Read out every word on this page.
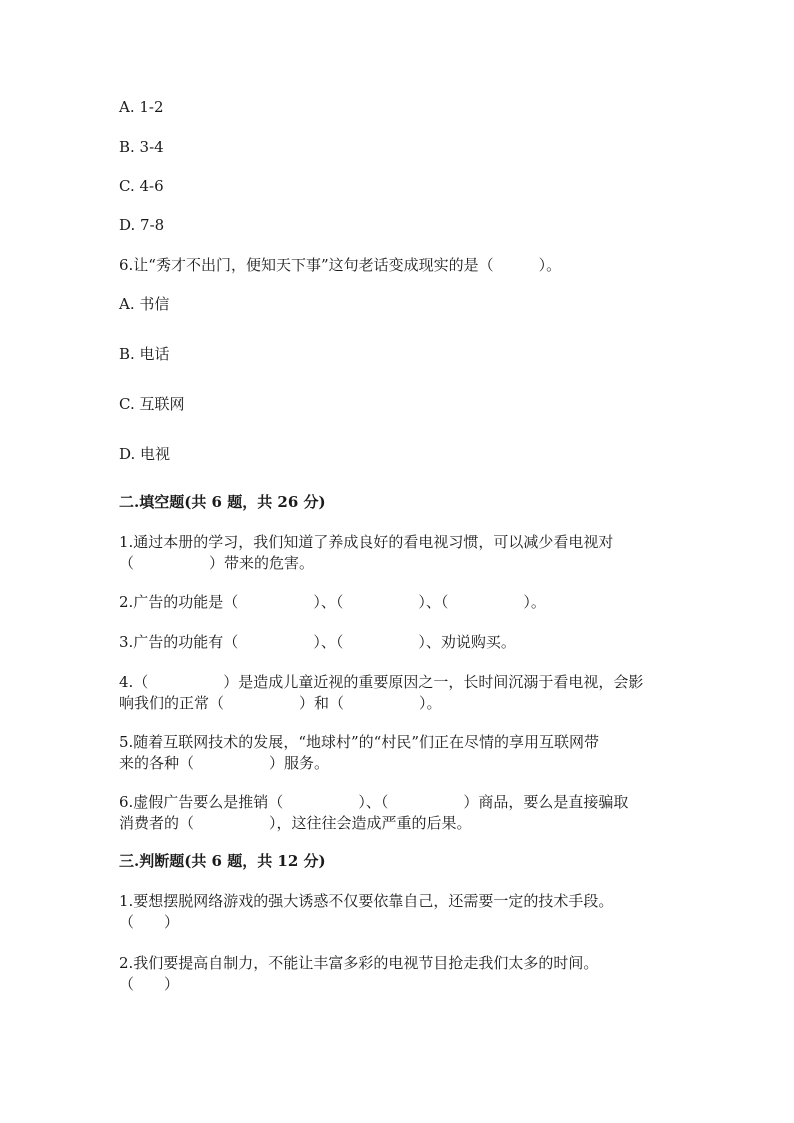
A. 1-2
B. 3-4
C. 4-6
D. 7-8
6.让“秀才不出门，便知天下事”这句老话变成现实的是（　　　）。
A. 书信
B. 电话
C. 互联网
D. 电视
二.填空题(共 6 题，共 26 分)
1.通过本册的学习，我们知道了养成良好的看电视习惯，可以减少看电视对
（　　　　　）带来的危害。
2.广告的功能是（　　　　　）、（　　　　　）、（　　　　　）。
3.广告的功能有（　　　　　）、（　　　　　）、劝说购买。
4.（　　　　　）是造成儿童近视的重要原因之一，长时间沉溺于看电视，会影
响我们的正常（　　　　　）和（　　　　　）。
5.随着互联网技术的发展，“地球村”的“村民”们正在尽情的享用互联网带
来的各种（　　　　　）服务。
6.虚假广告要么是推销（　　　　　）、（　　　　　）商品，要么是直接骗取
消费者的（　　　　　），这往往会造成严重的后果。
三.判断题(共 6 题，共 12 分)
1.要想摆脱网络游戏的强大诱惑不仅要依靠自己，还需要一定的技术手段。
（　　）
2.我们要提高自制力，不能让丰富多彩的电视节目抢走我们太多的时间。
（　　）
